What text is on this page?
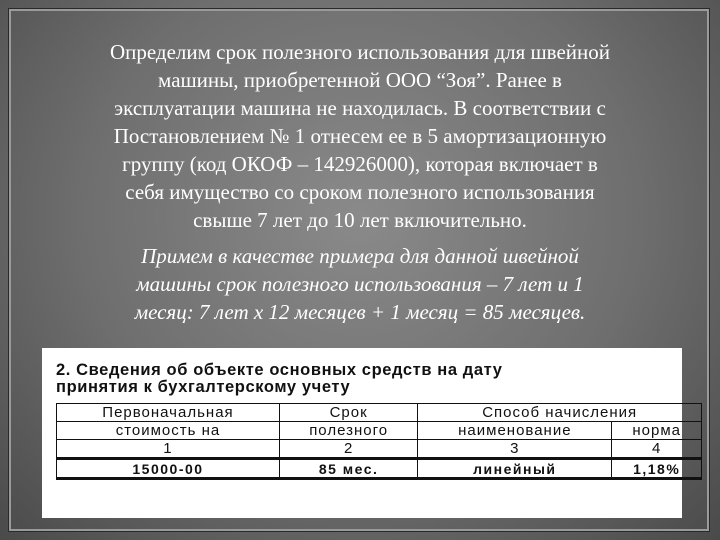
Определим срок полезного использования для швейной
машины, приобретенной ООО “Зоя”. Ранее в
эксплуатации машина не находилась. В соответствии с
Постановлением № 1 отнесем ее в 5 амортизационную
группу (код ОКОФ – 142926000), которая включает в
себя имущество со сроком полезного использования
свыше 7 лет до 10 лет включительно.

Примем в качестве примера для данной швейной
машины срок полезного использования – 7 лет и 1
месяц: 7 лет х 12 месяцев + 1 месяц = 85 месяцев.

2. Сведения об объекте основных средств на дату
принятия к бухгалтерскому учету
Первоначальная	Срок	Способ начисления	
стоимость на	полезного	наименование	норма
1	2	3	4
15000-00	85 мес.	линейный	1,18%
